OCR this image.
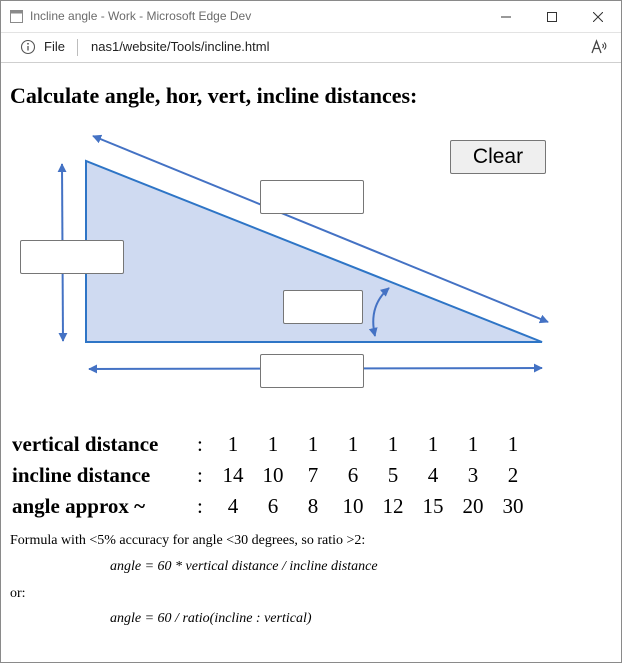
Incline angle - Work - Microsoft Edge Dev
File nas1/website/Tools/incline.html
Calculate angle, hor, vert, incline distances:
Clear
vertical distance	:	1	1	1	1	1	1	1	1
incline distance	:	14	10	7	6	5	4	3	2
angle approx ~	:	4	6	8	10	12	15	20	30
Formula with <5% accuracy for angle <30 degrees, so ratio >2:
angle = 60 * vertical distance / incline distance
or:
angle = 60 / ratio(incline : vertical)
